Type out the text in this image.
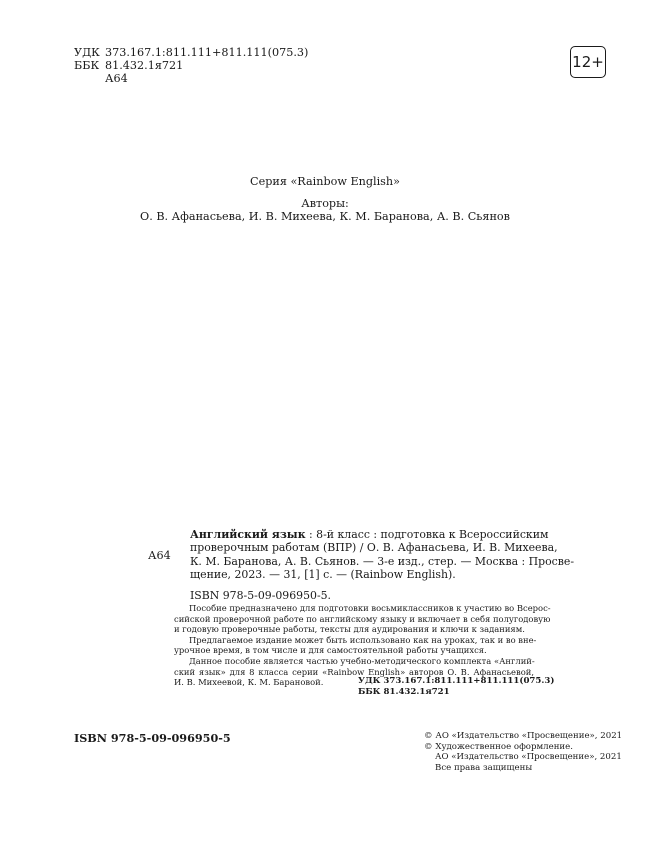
УДК 373.167.1:811.111+811.111(075.3)
ББК 81.432.1я721
А64
12+
Серия «Rainbow English»
Авторы:
О. В. Афанасьева, И. В. Михеева, К. М. Баранова, А. В. Сьянов
А64
Английский язык : 8-й класс : подготовка к Всероссийским
проверочным работам (ВПР) / О. В. Афанасьева, И. В. Михеева,
К. М. Баранова, А. В. Сьянов. — 3-е изд., стер. — Москва : Просве-
щение, 2023. — 31, [1] с. — (Rainbow English).
ISBN 978-5-09-096950-5.
Пособие предназначено для подготовки восьмиклассников к участию во Всерос-
сийской проверочной работе по английскому языку и включает в себя полугодовую
и годовую проверочные работы, тексты для аудирования и ключи к заданиям.
Предлагаемое издание может быть использовано как на уроках, так и во вне-
урочное время, в том числе и для самостоятельной работы учащихся.
Данное пособие является частью учебно-методического комплекта «Англий-
ский язык» для 8 класса серии «Rainbow English» авторов О. В. Афанасьевой,
И. В. Михеевой, К. М. Барановой.	УДК 373.167.1:811.111+811.111(075.3)
ББК 81.432.1я721
ISBN 978-5-09-096950-5	© АО «Издательство «Просвещение», 2021
© Художественное оформление.
АО «Издательство «Просвещение», 2021
Все права защищены
